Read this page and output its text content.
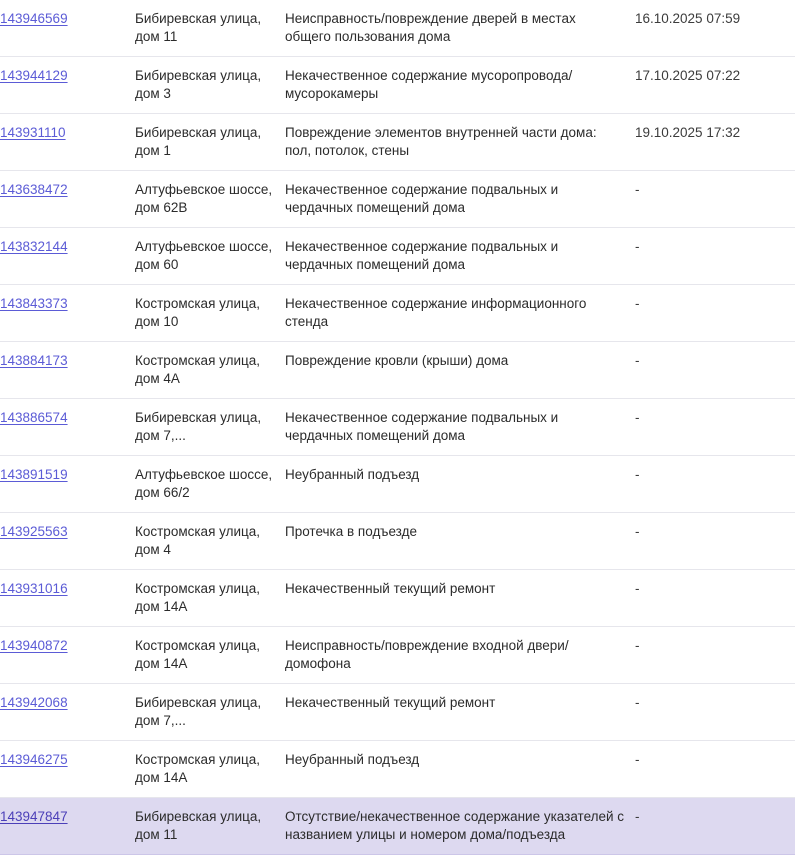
143946569	Бибиревская улица, дом 11	Неисправность/повреждение дверей в местах общего пользования дома	16.10.2025 07:59
143944129	Бибиревская улица, дом 3	Некачественное содержание мусоропровода/ мусорокамеры	17.10.2025 07:22
143931110	Бибиревская улица, дом 1	Повреждение элементов внутренней части дома: пол, потолок, стены	19.10.2025 17:32
143638472	Алтуфьевское шоссе, дом 62В	Некачественное содержание подвальных и чердачных помещений дома	-
143832144	Алтуфьевское шоссе, дом 60	Некачественное содержание подвальных и чердачных помещений дома	-
143843373	Костромская улица, дом 10	Некачественное содержание информационного стенда	-
143884173	Костромская улица, дом 4А	Повреждение кровли (крыши) дома	-
143886574	Бибиревская улица, дом 7,...	Некачественное содержание подвальных и чердачных помещений дома	-
143891519	Алтуфьевское шоссе, дом 66/2	Неубранный подъезд	-
143925563	Костромская улица, дом 4	Протечка в подъезде	-
143931016	Костромская улица, дом 14А	Некачественный текущий ремонт	-
143940872	Костромская улица, дом 14А	Неисправность/повреждение входной двери/ домофона	-
143942068	Бибиревская улица, дом 7,...	Некачественный текущий ремонт	-
143946275	Костромская улица, дом 14А	Неубранный подъезд	-
143947847	Бибиревская улица, дом 11	Отсутствие/некачественное содержание указателей с названием улицы и номером дома/подъезда	-
